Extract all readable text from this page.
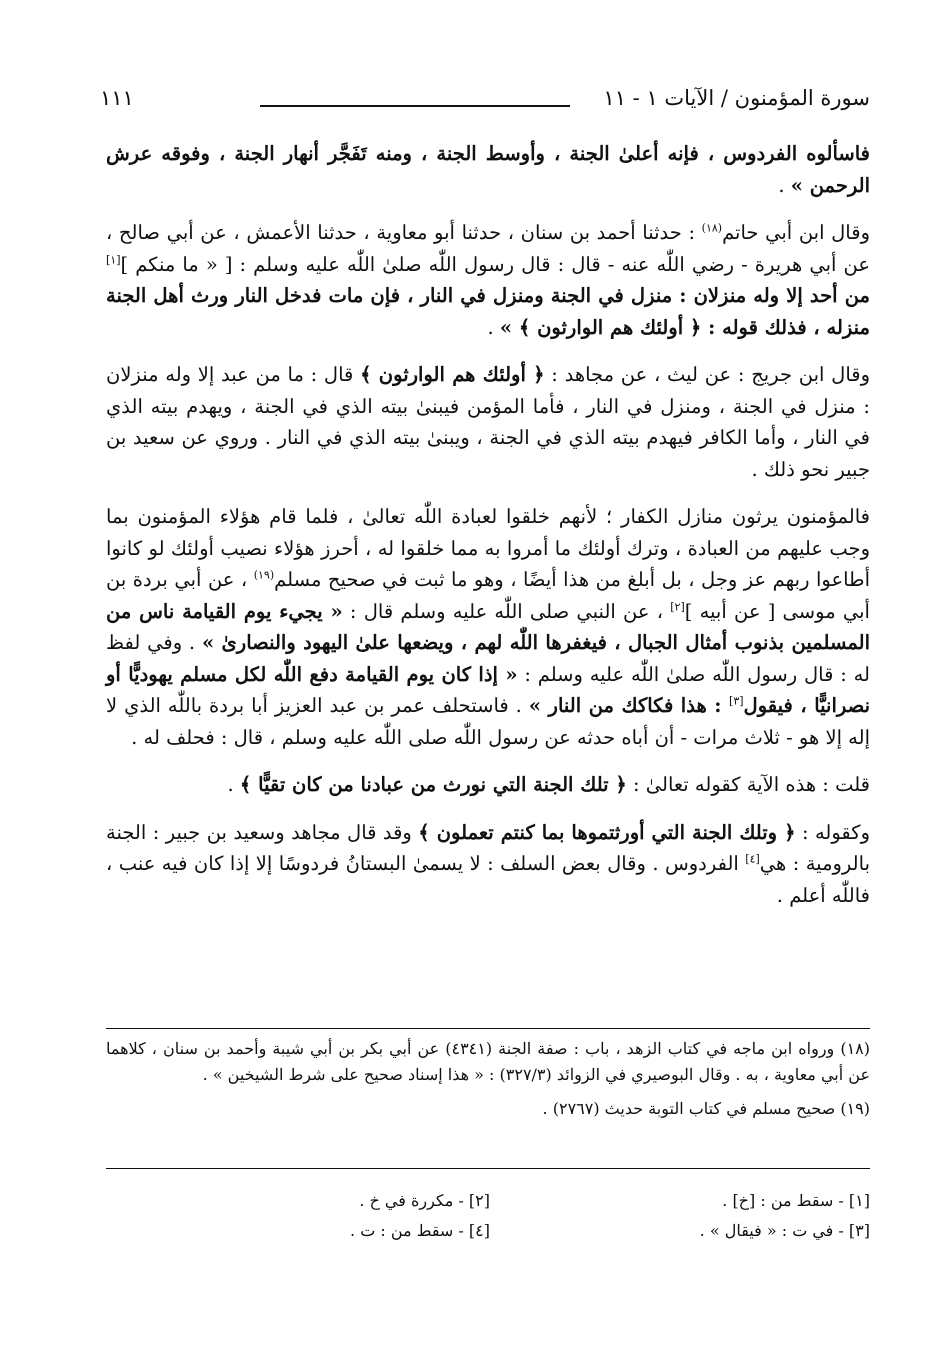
سورة المؤمنون / الآيات ١ - ١١
١١١

فاسألوه الفردوس ، فإنه أعلىٰ الجنة ، وأوسط الجنة ، ومنه تَفَجَّر أنهار الجنة ، وفوقه عرش الرحمن » .

وقال ابن أبي حاتم$^{(١٨)}$ : حدثنا أحمد بن سنان ، حدثنا أبو معاوية ، حدثنا الأعمش ، عن أبي صالح ، عن أبي هريرة - رضي اللّٰه عنه - قال : قال رسول اللّٰه صلىٰ اللّٰه عليه وسلم : [ « ما منكم ][١] من أحد إلا وله منزلان : منزل في الجنة ومنزل في النار ، فإن مات فدخل النار ورث أهل الجنة منزله ، فذلك قوله : ﴿ أولئك هم الوارثون ﴾ » .

وقال ابن جريج : عن ليث ، عن مجاهد : ﴿ أولئك هم الوارثون ﴾ قال : ما من عبد إلا وله منزلان : منزل في الجنة ، ومنزل في النار ، فأما المؤمن فيبنىٰ بيته الذي في الجنة ، ويهدم بيته الذي في النار ، وأما الكافر فيهدم بيته الذي في الجنة ، ويبنىٰ بيته الذي في النار . وروي عن سعيد بن جبير نحو ذلك .

فالمؤمنون يرثون منازل الكفار ؛ لأنهم خلقوا لعبادة اللّٰه تعالىٰ ، فلما قام هؤلاء المؤمنون بما وجب عليهم من العبادة ، وترك أولئك ما أمروا به مما خلقوا له ، أحرز هؤلاء نصيب أولئك لو كانوا أطاعوا ربهم عز وجل ، بل أبلغ من هذا أيضًا ، وهو ما ثبت في صحيح مسلم$^{(١٩)}$ ، عن أبي بردة بن أبي موسى [ عن أبيه ][٢] ، عن النبي صلى اللّٰه عليه وسلم قال : « يجيء يوم القيامة ناس من المسلمين بذنوب أمثال الجبال ، فيغفرها اللّٰه لهم ، ويضعها علىٰ اليهود والنصارىٰ » . وفي لفظ له : قال رسول اللّٰه صلىٰ اللّٰه عليه وسلم : « إذا كان يوم القيامة دفع اللّٰه لكل مسلم يهوديًّا أو نصرانيًّا ، فيقول[٣] : هذا فكاكك من النار » . فاستحلف عمر بن عبد العزيز أبا بردة باللّٰه الذي لا إله إلا هو - ثلاث مرات - أن أباه حدثه عن رسول اللّٰه صلى اللّٰه عليه وسلم ، قال : فحلف له .

قلت : هذه الآية كقوله تعالىٰ : ﴿ تلك الجنة التي نورث من عبادنا من كان تقيًّا ﴾ .

وكقوله : ﴿ وتلك الجنة التي أورثتموها بما كنتم تعملون ﴾ وقد قال مجاهد وسعيد بن جبير : الجنة بالرومية : هي[٤] الفردوس . وقال بعض السلف : لا يسمىٰ البستانُ فردوسًا إلا إذا كان فيه عنب ، فاللّٰه أعلم .

(١٨) ورواه ابن ماجه في كتاب الزهد ، باب : صفة الجنة (٤٣٤١) عن أبي بكر بن أبي شيبة وأحمد بن سنان ، كلاهما عن أبي معاوية ، به . وقال البوصيري في الزوائد (٣٢٧/٣) : « هذا إسناد صحيح على شرط الشيخين » .

(١٩) صحيح مسلم في كتاب التوبة حديث (٢٧٦٧) .

[١] - سقط من : [خ] .
[٢] - مكررة في خ .
[٣] - في ت : « فيقال » .
[٤] - سقط من : ت .
